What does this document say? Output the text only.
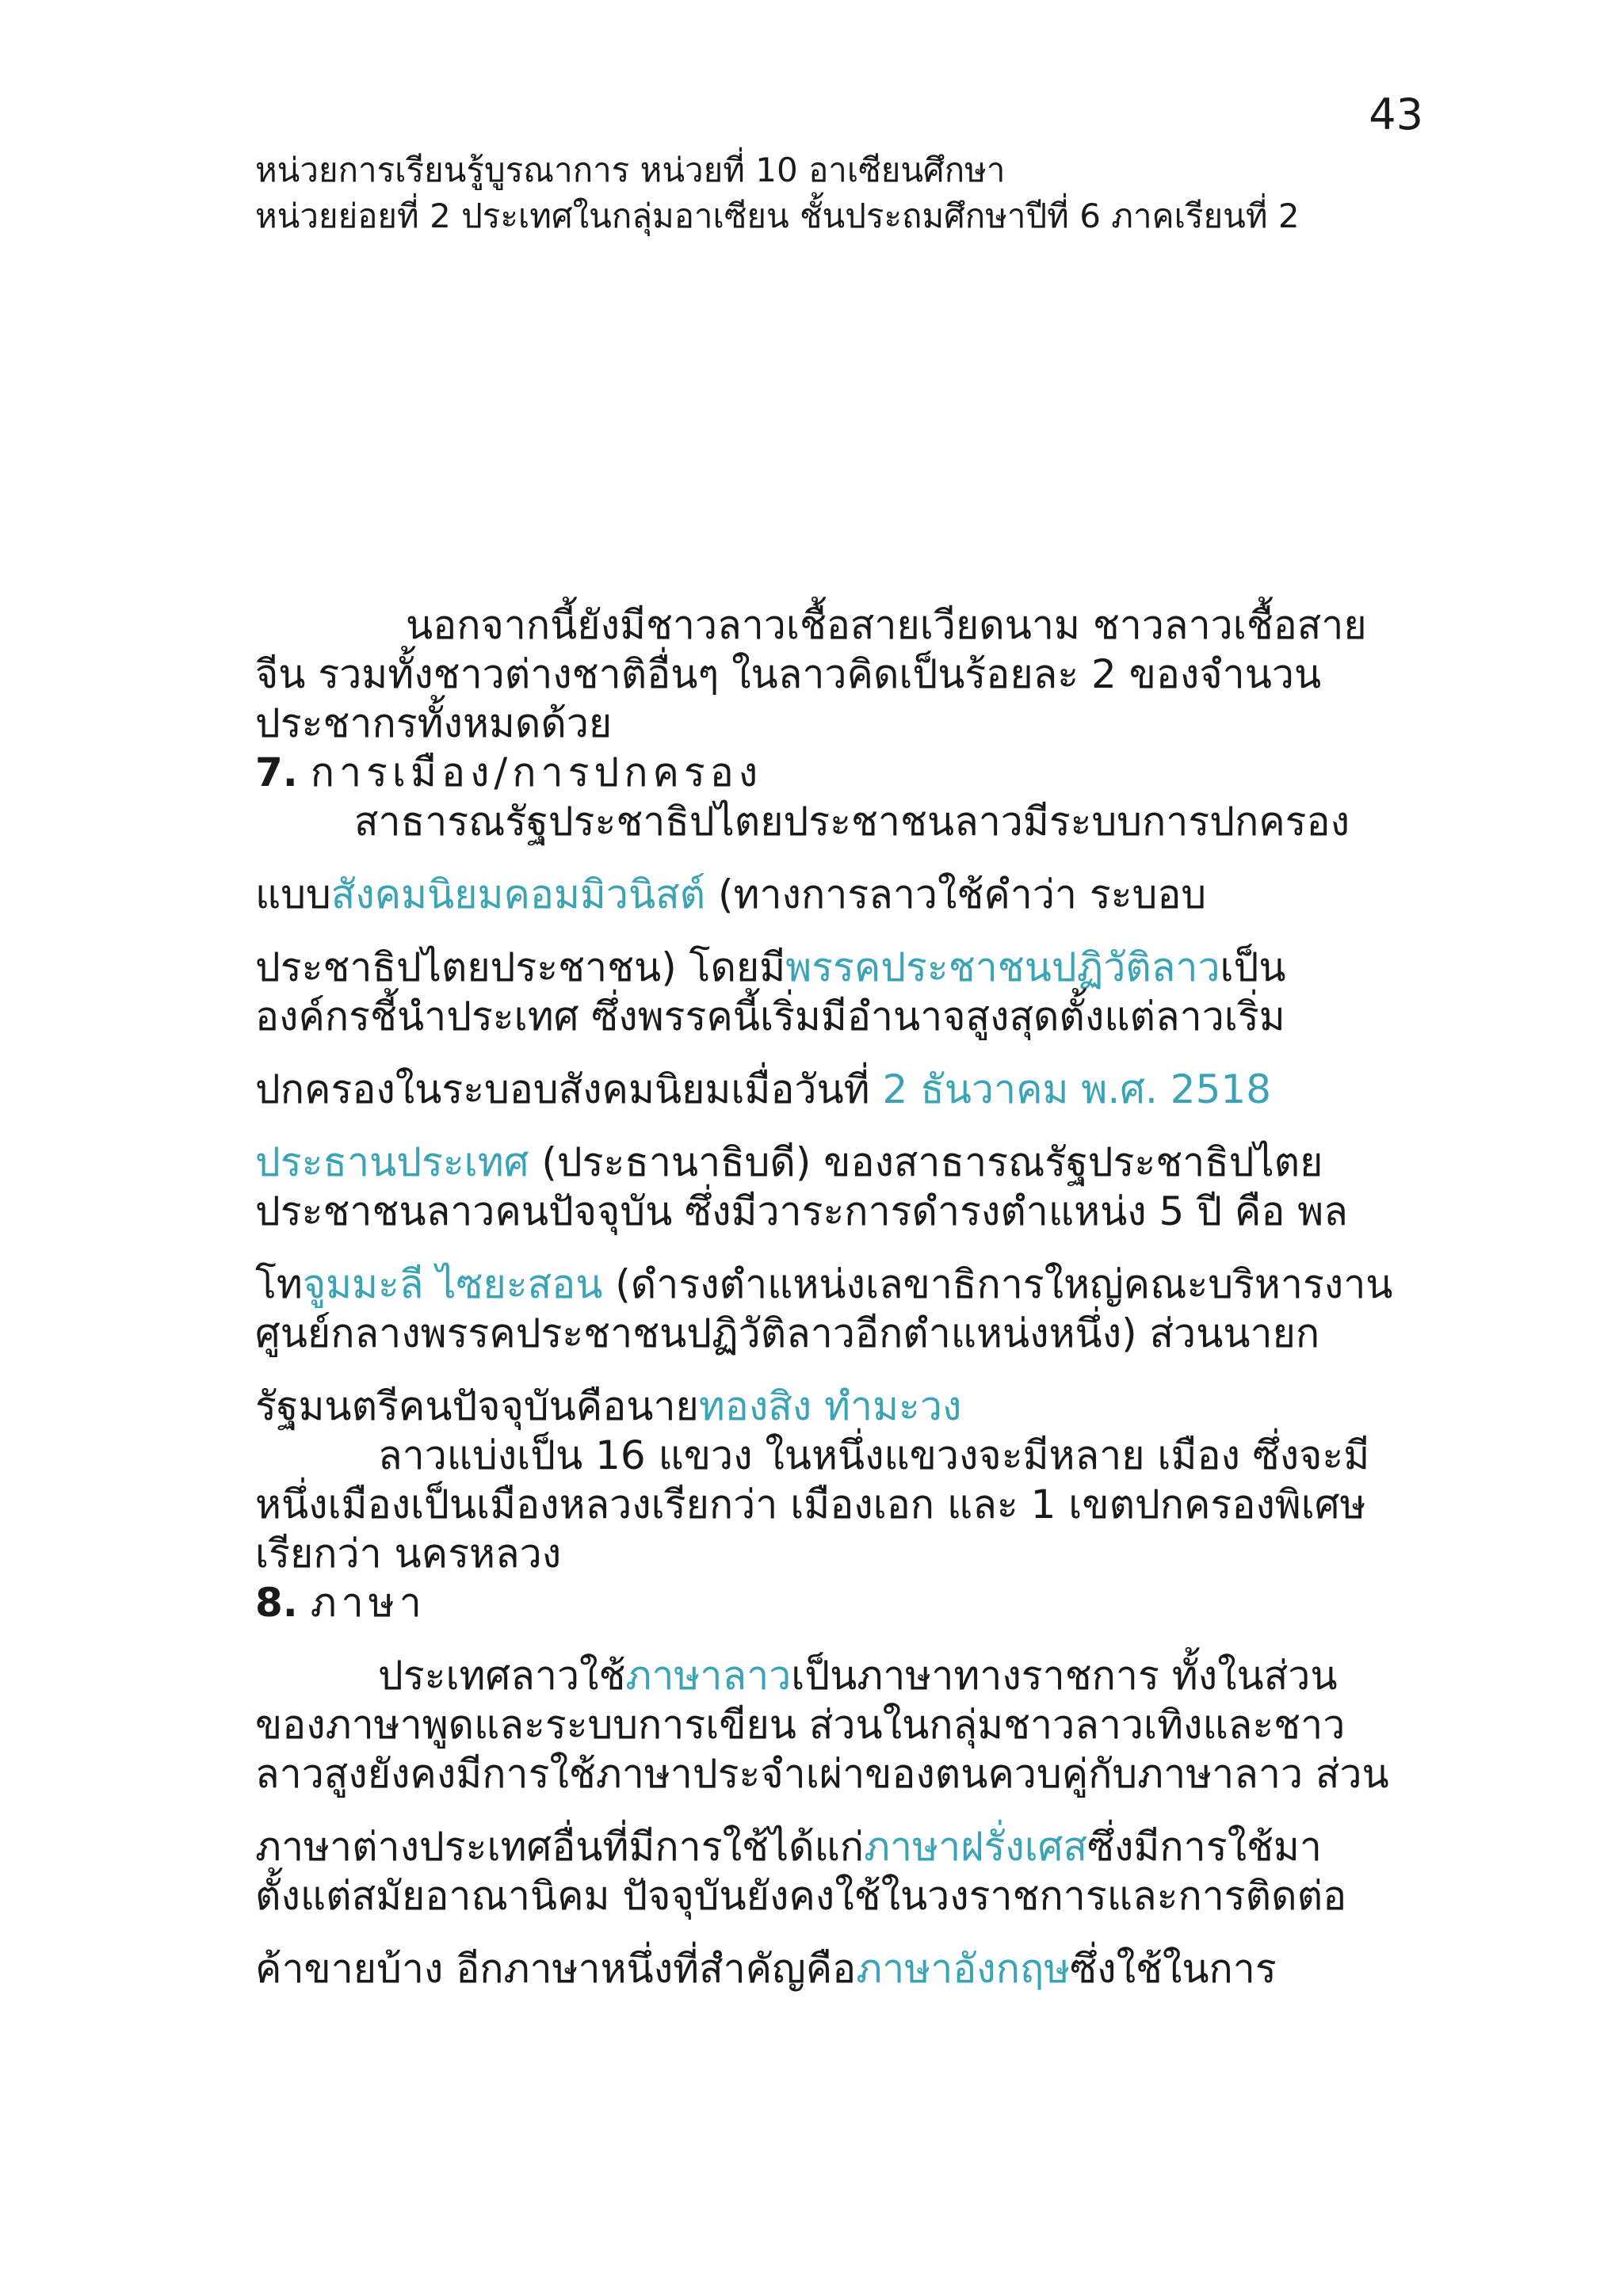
43
หน่วยการเรียนรู้บูรณาการ หน่วยที่ 10 อาเซียนศึกษา
หน่วยย่อยที่ 2 ประเทศในกลุ่มอาเซียน ชั้นประถมศึกษาปีที่ 6 ภาคเรียนที่ 2
นอกจากนี้ยังมีชาวลาวเชื้อสายเวียดนาม ชาวลาวเชื้อสาย
จีน รวมทั้งชาวต่างชาติอื่นๆ ในลาวคิดเป็นร้อยละ 2 ของจำนวน
ประชากรทั้งหมดด้วย
7. การเมือง/การปกครอง
สาธารณรัฐประชาธิปไตยประชาชนลาวมีระบบการปกครอง
แบบสังคมนิยมคอมมิวนิสต์ (ทางการลาวใช้คำว่า ระบอบ
ประชาธิปไตยประชาชน) โดยมีพรรคประชาชนปฏิวัติลาวเป็น
องค์กรชี้นำประเทศ ซึ่งพรรคนี้เริ่มมีอำนาจสูงสุดตั้งแต่ลาวเริ่ม
ปกครองในระบอบสังคมนิยมเมื่อวันที่ 2 ธันวาคม พ.ศ. 2518
ประธานประเทศ (ประธานาธิบดี) ของสาธารณรัฐประชาธิปไตย
ประชาชนลาวคนปัจจุบัน ซึ่งมีวาระการดำรงตำแหน่ง 5 ปี คือ พล
โทจูมมะลี ไซยะสอน (ดำรงตำแหน่งเลขาธิการใหญ่คณะบริหารงาน
ศูนย์กลางพรรคประชาชนปฏิวัติลาวอีกตำแหน่งหนึ่ง) ส่วนนายก
รัฐมนตรีคนปัจจุบันคือนายทองสิง ทำมะวง
ลาวแบ่งเป็น 16 แขวง ในหนึ่งแขวงจะมีหลาย เมือง ซึ่งจะมี
หนึ่งเมืองเป็นเมืองหลวงเรียกว่า เมืองเอก และ 1 เขตปกครองพิเศษ
เรียกว่า นครหลวง
8. ภาษา
ประเทศลาวใช้ภาษาลาวเป็นภาษาทางราชการ ทั้งในส่วน
ของภาษาพูดและระบบการเขียน ส่วนในกลุ่มชาวลาวเทิงและชาว
ลาวสูงยังคงมีการใช้ภาษาประจำเผ่าของตนควบคู่กับภาษาลาว ส่วน
ภาษาต่างประเทศอื่นที่มีการใช้ได้แก่ภาษาฝรั่งเศสซึ่งมีการใช้มา
ตั้งแต่สมัยอาณานิคม ปัจจุบันยังคงใช้ในวงราชการและการติดต่อ
ค้าขายบ้าง อีกภาษาหนึ่งที่สำคัญคือภาษาอังกฤษซึ่งใช้ในการ
